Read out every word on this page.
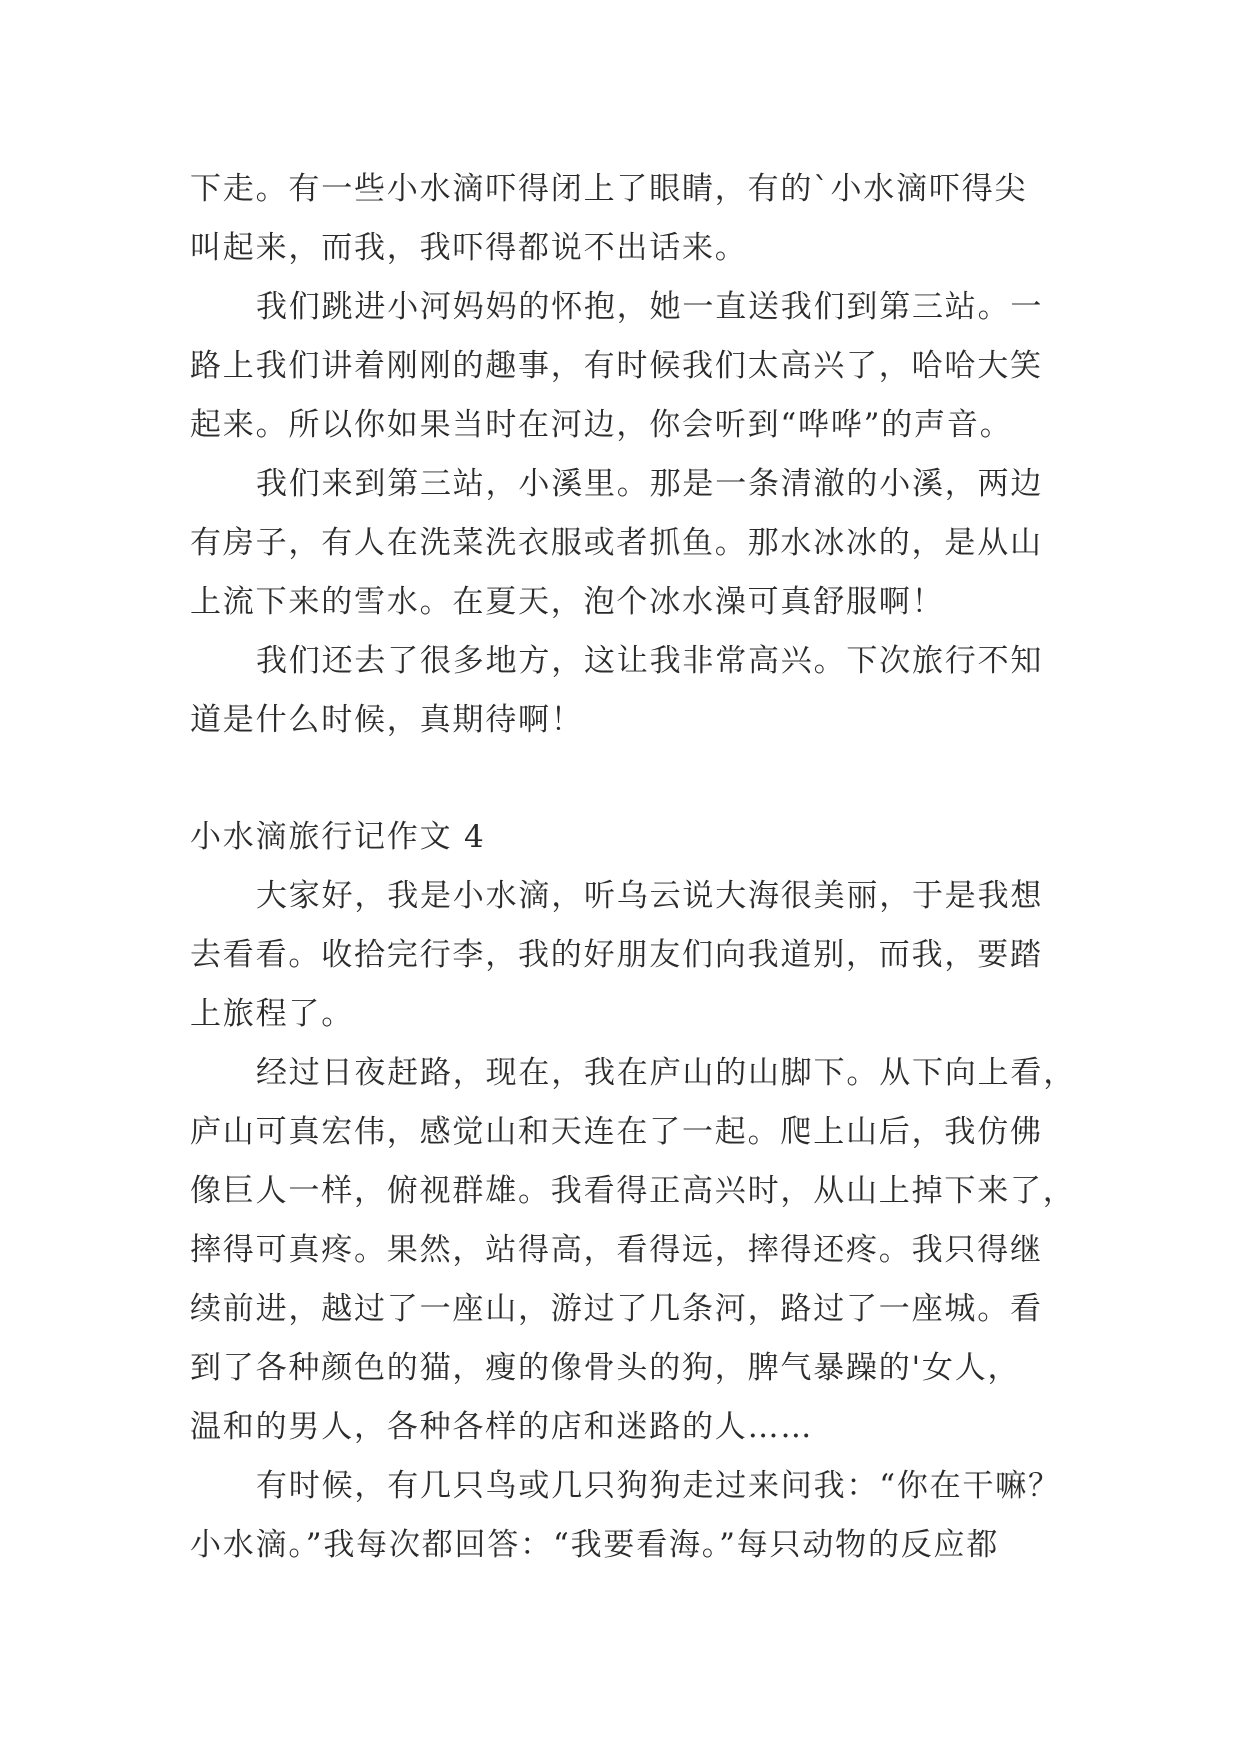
下走。有一些小水滴吓得闭上了眼睛，有的`小水滴吓得尖
叫起来，而我，我吓得都说不出话来。
我们跳进小河妈妈的怀抱，她一直送我们到第三站。一
路上我们讲着刚刚的趣事，有时候我们太高兴了，哈哈大笑
起来。所以你如果当时在河边，你会听到“哗哗”的声音。
我们来到第三站，小溪里。那是一条清澈的小溪，两边
有房子，有人在洗菜洗衣服或者抓鱼。那水冰冰的，是从山
上流下来的雪水。在夏天，泡个冰水澡可真舒服啊！
我们还去了很多地方，这让我非常高兴。下次旅行不知
道是什么时候，真期待啊！
小水滴旅行记作文 4
大家好，我是小水滴，听乌云说大海很美丽，于是我想
去看看。收拾完行李，我的好朋友们向我道别，而我，要踏
上旅程了。
经过日夜赶路，现在，我在庐山的山脚下。从下向上看，
庐山可真宏伟，感觉山和天连在了一起。爬上山后，我仿佛
像巨人一样，俯视群雄。我看得正高兴时，从山上掉下来了，
摔得可真疼。果然，站得高，看得远，摔得还疼。我只得继
续前进，越过了一座山，游过了几条河，路过了一座城。看
到了各种颜色的猫，瘦的像骨头的狗，脾气暴躁的'女人，
温和的男人，各种各样的店和迷路的人……
有时候，有几只鸟或几只狗狗走过来问我：“你在干嘛？
小水滴。”我每次都回答：“我要看海。”每只动物的反应都
